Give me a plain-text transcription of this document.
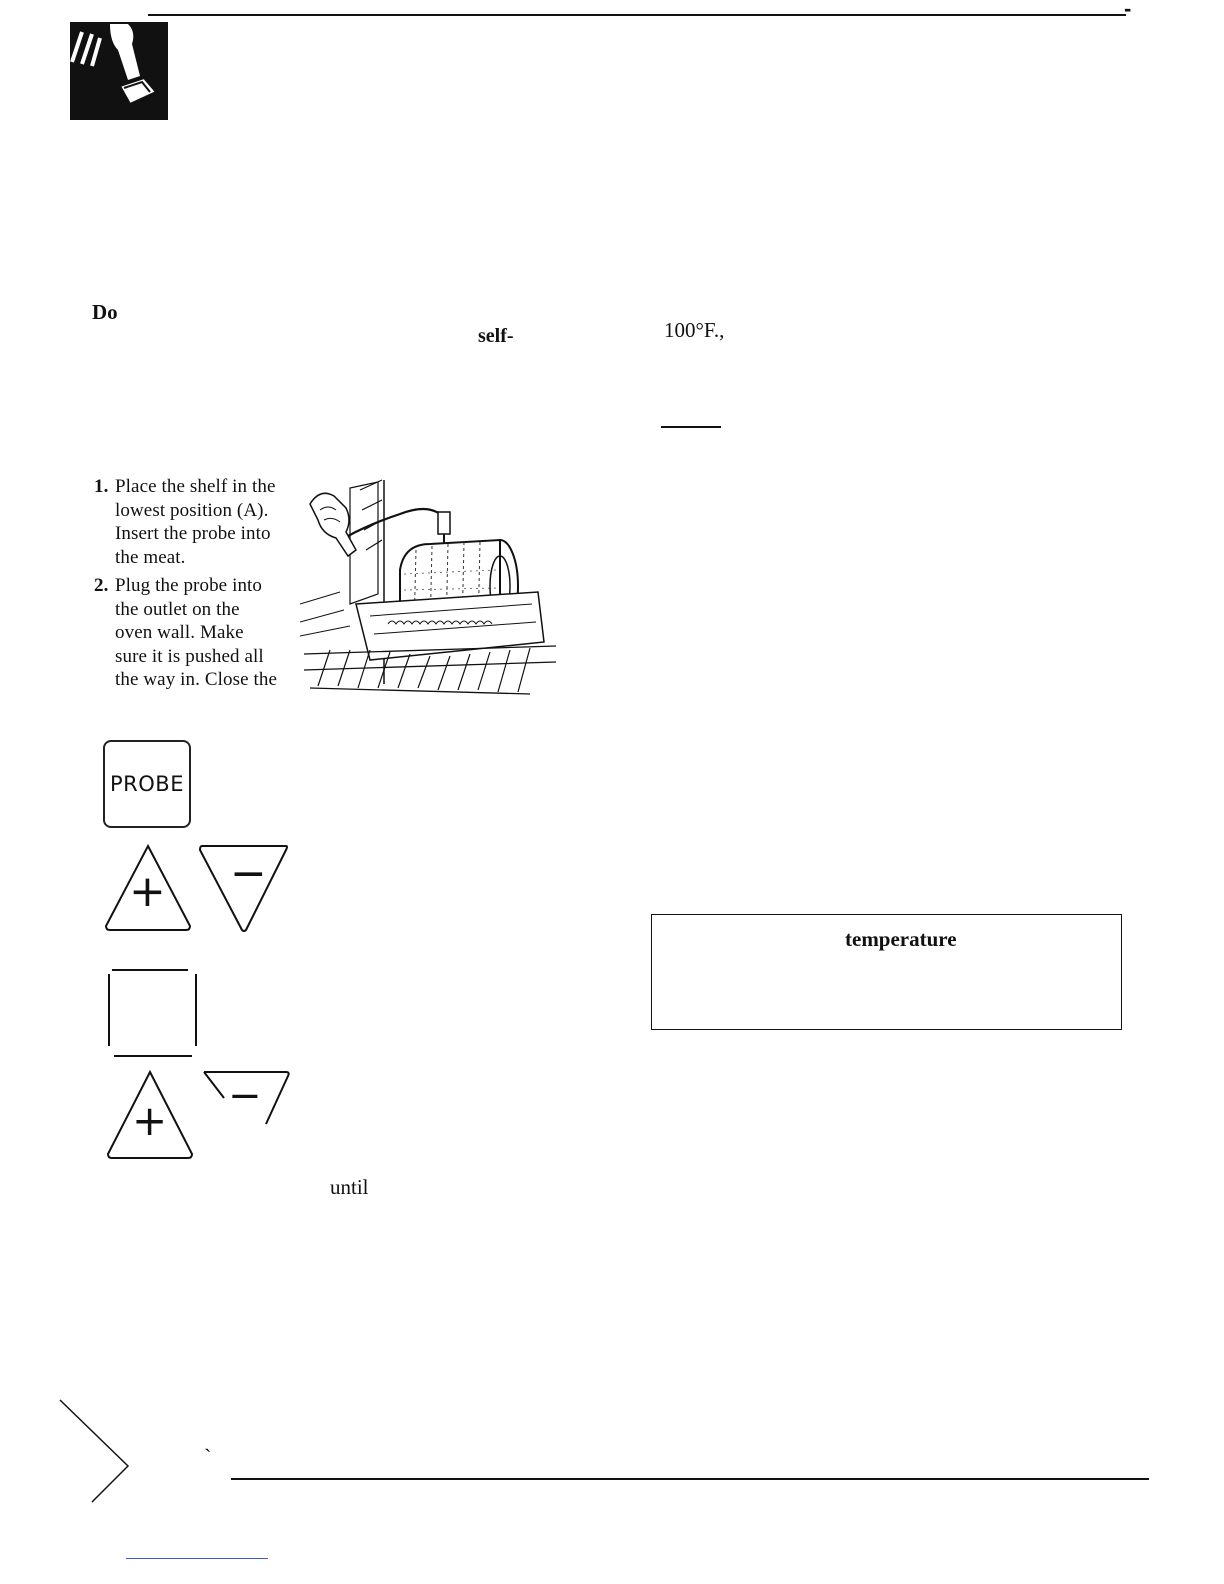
-
Do
self-	100°F.,
1. Place the shelf in the
lowest position (A).
Insert the probe into
the meat.
2. Plug the probe into
the outlet on the
oven wall. Make
sure it is pushed all
the way in. Close the
PROBE
+ −
+ −
until
temperature
`
